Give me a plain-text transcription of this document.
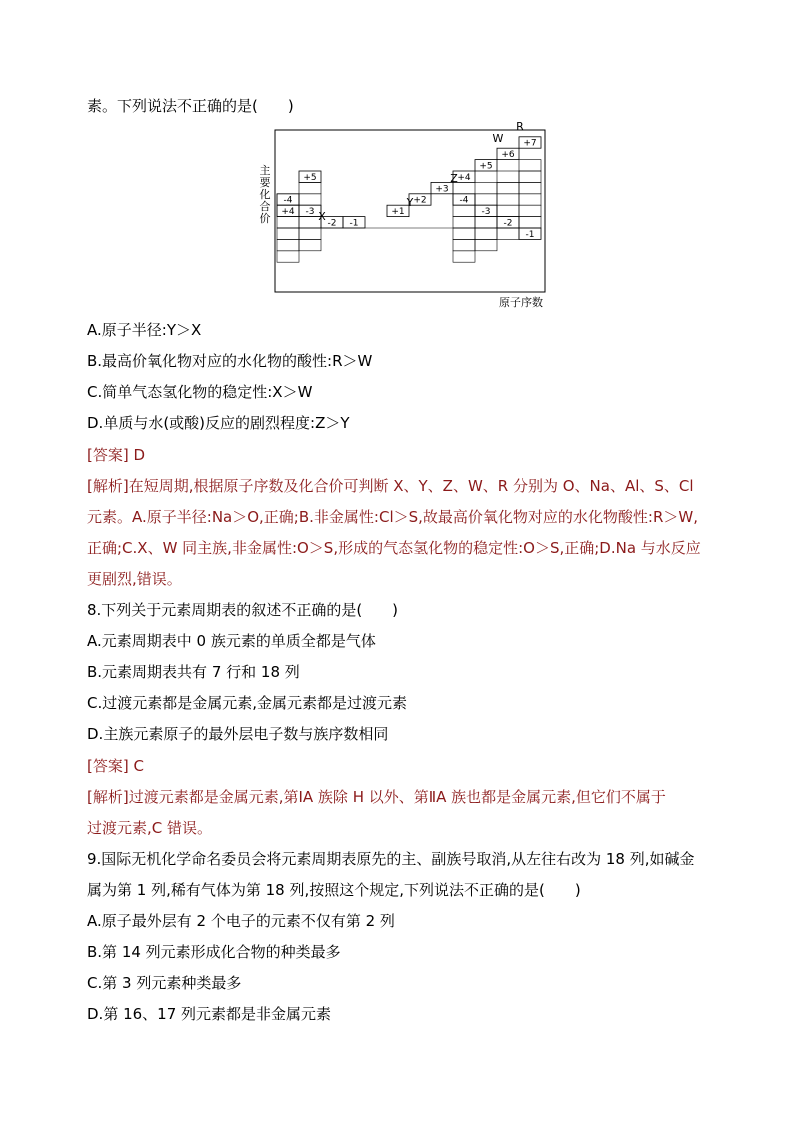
素。下列说法不正确的是(　　)
+4
-4
+5
-3
-2 -1
+1
+2
+3
+4
-4
+5
-3
+6
-2
+7
-1
主
要
化
合
价
原子序数
X
Y
Z
W
R
A.原子半径:Y＞X
B.最高价氧化物对应的水化物的酸性:R＞W
C.简单气态氢化物的稳定性:X＞W
D.单质与水(或酸)反应的剧烈程度:Z＞Y
[答案] D
[解析]在短周期,根据原子序数及化合价可判断 X、Y、Z、W、R 分别为 O、Na、Al、S、Cl
元素。A.原子半径:Na＞O,正确;B.非金属性:Cl＞S,故最高价氧化物对应的水化物酸性:R＞W,
正确;C.X、W 同主族,非金属性:O＞S,形成的气态氢化物的稳定性:O＞S,正确;D.Na 与水反应
更剧烈,错误。
8.下列关于元素周期表的叙述不正确的是(　　)
A.元素周期表中 0 族元素的单质全都是气体
B.元素周期表共有 7 行和 18 列
C.过渡元素都是金属元素,金属元素都是过渡元素
D.主族元素原子的最外层电子数与族序数相同
[答案] C
[解析]过渡元素都是金属元素,第ⅠA 族除 H 以外、第ⅡA 族也都是金属元素,但它们不属于
过渡元素,C 错误。
9.国际无机化学命名委员会将元素周期表原先的主、副族号取消,从左往右改为 18 列,如碱金
属为第 1 列,稀有气体为第 18 列,按照这个规定,下列说法不正确的是(　　)
A.原子最外层有 2 个电子的元素不仅有第 2 列
B.第 14 列元素形成化合物的种类最多
C.第 3 列元素种类最多
D.第 16、17 列元素都是非金属元素
